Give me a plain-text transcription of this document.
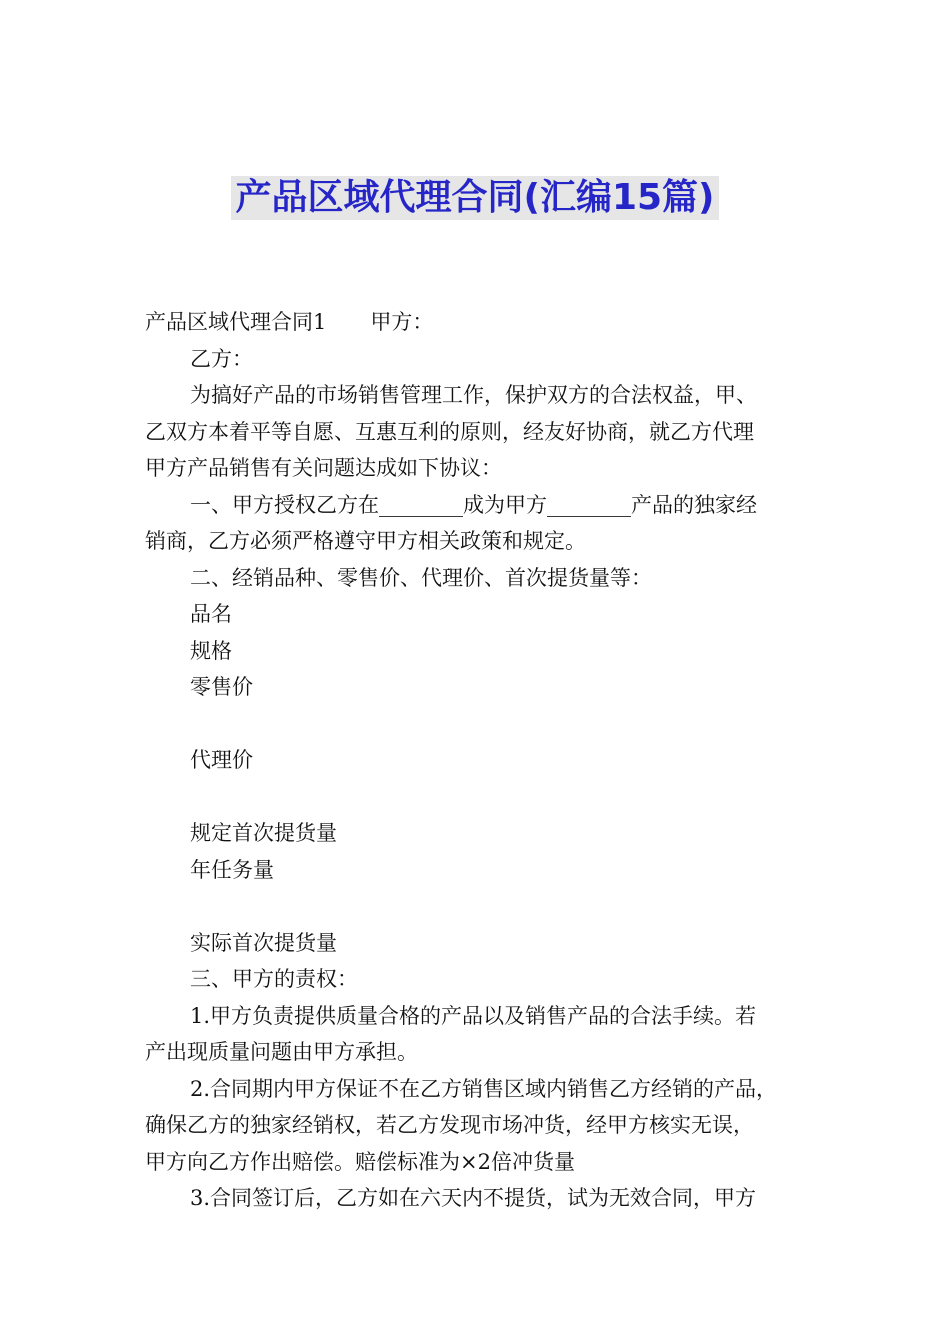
产品区域代理合同(汇编15篇)

产品区域代理合同1 甲方：

乙方：

为搞好产品的市场销售管理工作，保护双方的合法权益，甲、

乙双方本着平等自愿、互惠互利的原则，经友好协商，就乙方代理

甲方产品销售有关问题达成如下协议：

一、甲方授权乙方在________成为甲方________产品的独家经

销商，乙方必须严格遵守甲方相关政策和规定。

二、经销品种、零售价、代理价、首次提货量等：

品名

规格

零售价

代理价

规定首次提货量

年任务量

实际首次提货量

三、甲方的责权：

1.甲方负责提供质量合格的产品以及销售产品的合法手续。若

产出现质量问题由甲方承担。

2.合同期内甲方保证不在乙方销售区域内销售乙方经销的产品，

确保乙方的独家经销权，若乙方发现市场冲货，经甲方核实无误，

甲方向乙方作出赔偿。赔偿标准为×2倍冲货量

3.合同签订后，乙方如在六天内不提货，试为无效合同，甲方
